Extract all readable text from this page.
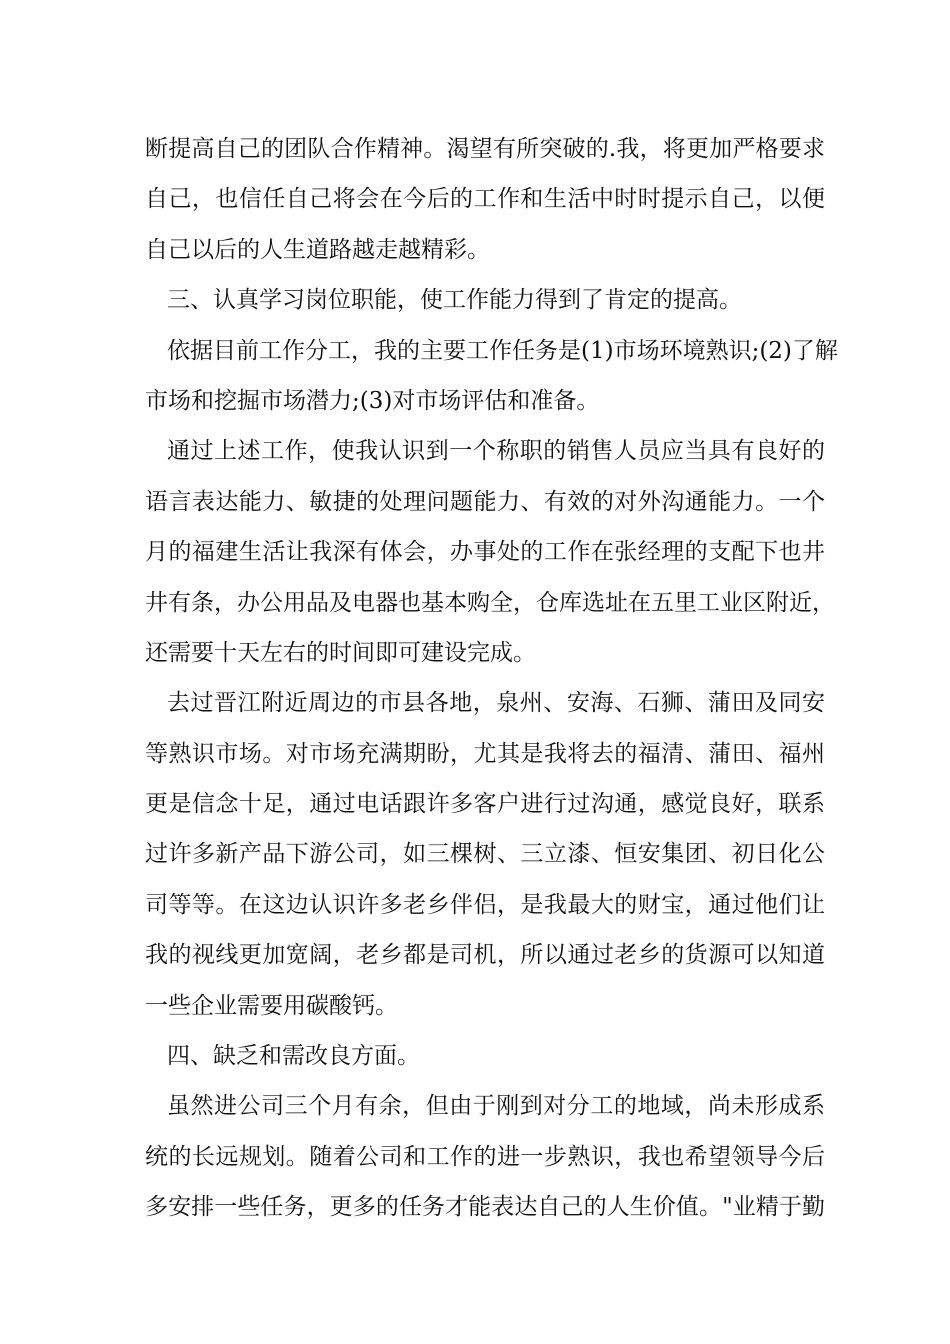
断提高自己的团队合作精神。渴望有所突破的.我，将更加严格要求
自己，也信任自己将会在今后的工作和生活中时时提示自己，以便
自己以后的人生道路越走越精彩。
三、认真学习岗位职能，使工作能力得到了肯定的提高。
依据目前工作分工，我的主要工作任务是(1)市场环境熟识;(2)了解
市场和挖掘市场潜力;(3)对市场评估和准备。
通过上述工作，使我认识到一个称职的销售人员应当具有良好的
语言表达能力、敏捷的处理问题能力、有效的对外沟通能力。一个
月的福建生活让我深有体会，办事处的工作在张经理的支配下也井
井有条，办公用品及电器也基本购全，仓库选址在五里工业区附近，
还需要十天左右的时间即可建设完成。
去过晋江附近周边的市县各地，泉州、安海、石狮、蒲田及同安
等熟识市场。对市场充满期盼，尤其是我将去的福清、蒲田、福州
更是信念十足，通过电话跟许多客户进行过沟通，感觉良好，联系
过许多新产品下游公司，如三棵树、三立漆、恒安集团、初日化公
司等等。在这边认识许多老乡伴侣，是我最大的财宝，通过他们让
我的视线更加宽阔，老乡都是司机，所以通过老乡的货源可以知道
一些企业需要用碳酸钙。
四、缺乏和需改良方面。
虽然进公司三个月有余，但由于刚到对分工的地域，尚未形成系
统的长远规划。随着公司和工作的进一步熟识，我也希望领导今后
多安排一些任务，更多的任务才能表达自己的人生价值。"业精于勤
